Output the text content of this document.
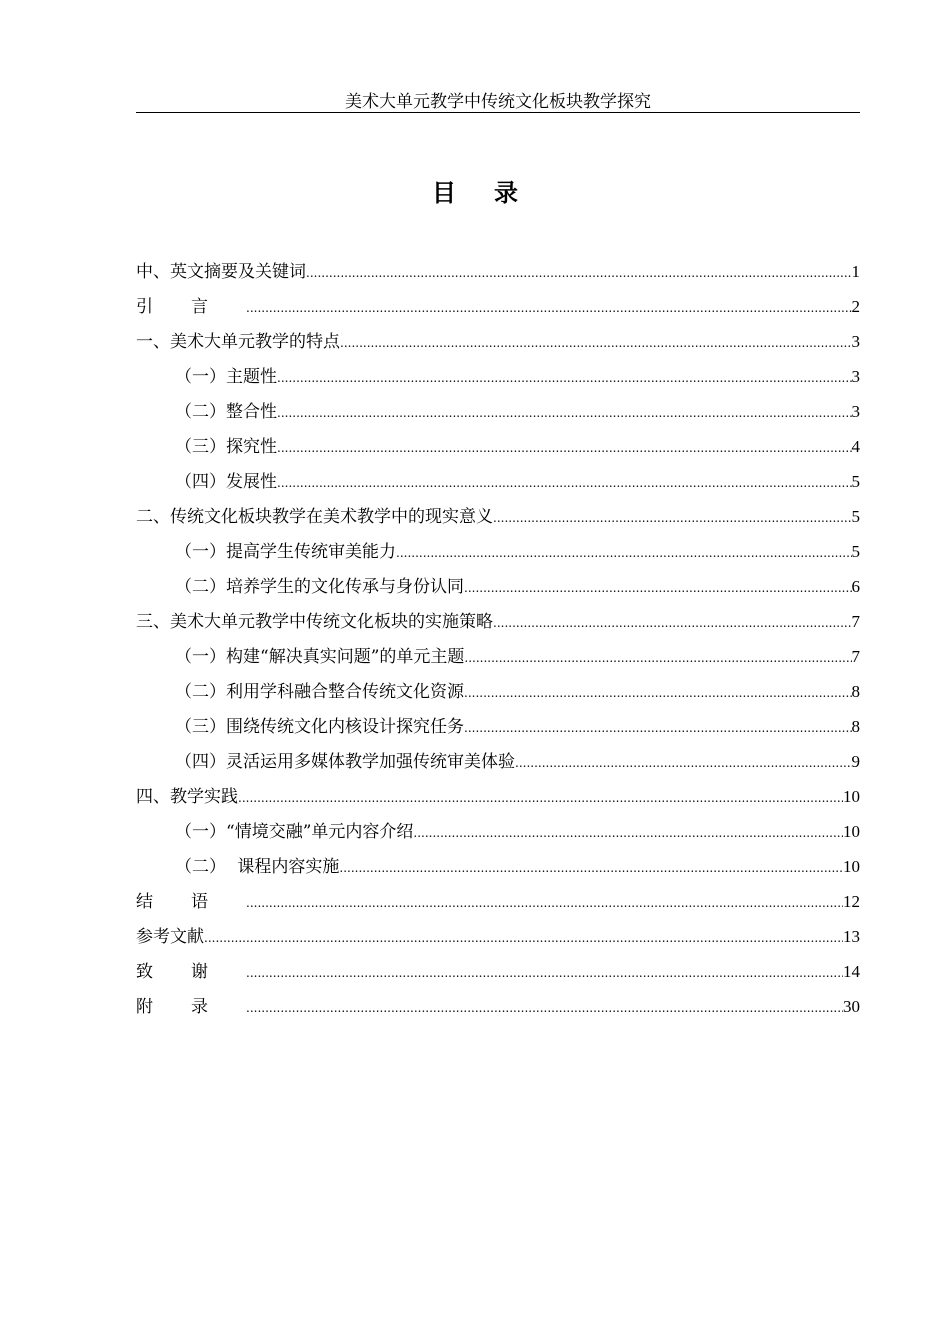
美术大单元教学中传统文化板块教学探究
目录
中、英文摘要及关键词 .....	1
引言 .....	2
一、美术大单元教学的特点 .....	3
（一）主题性 .....	3
（二）整合性 .....	3
（三）探究性 .....	4
（四）发展性 .....	5
二、传统文化板块教学在美术教学中的现实意义 .....	5
（一）提高学生传统审美能力 .....	5
（二）培养学生的文化传承与身份认同 .....	6
三、美术大单元教学中传统文化板块的实施策略 .....	7
（一）构建“解决真实问题”的单元主题 .....	7
（二）利用学科融合整合传统文化资源 .....	8
（三）围绕传统文化内核设计探究任务 .....	8
（四）灵活运用多媒体教学加强传统审美体验 .....	9
四、教学实践 .....	10
（一）“情境交融”单元内容介绍 .....	10
（二） 课程内容实施 .....	10
结语 .....	12
参考文献 .....	13
致谢 .....	14
附录 .....	30
